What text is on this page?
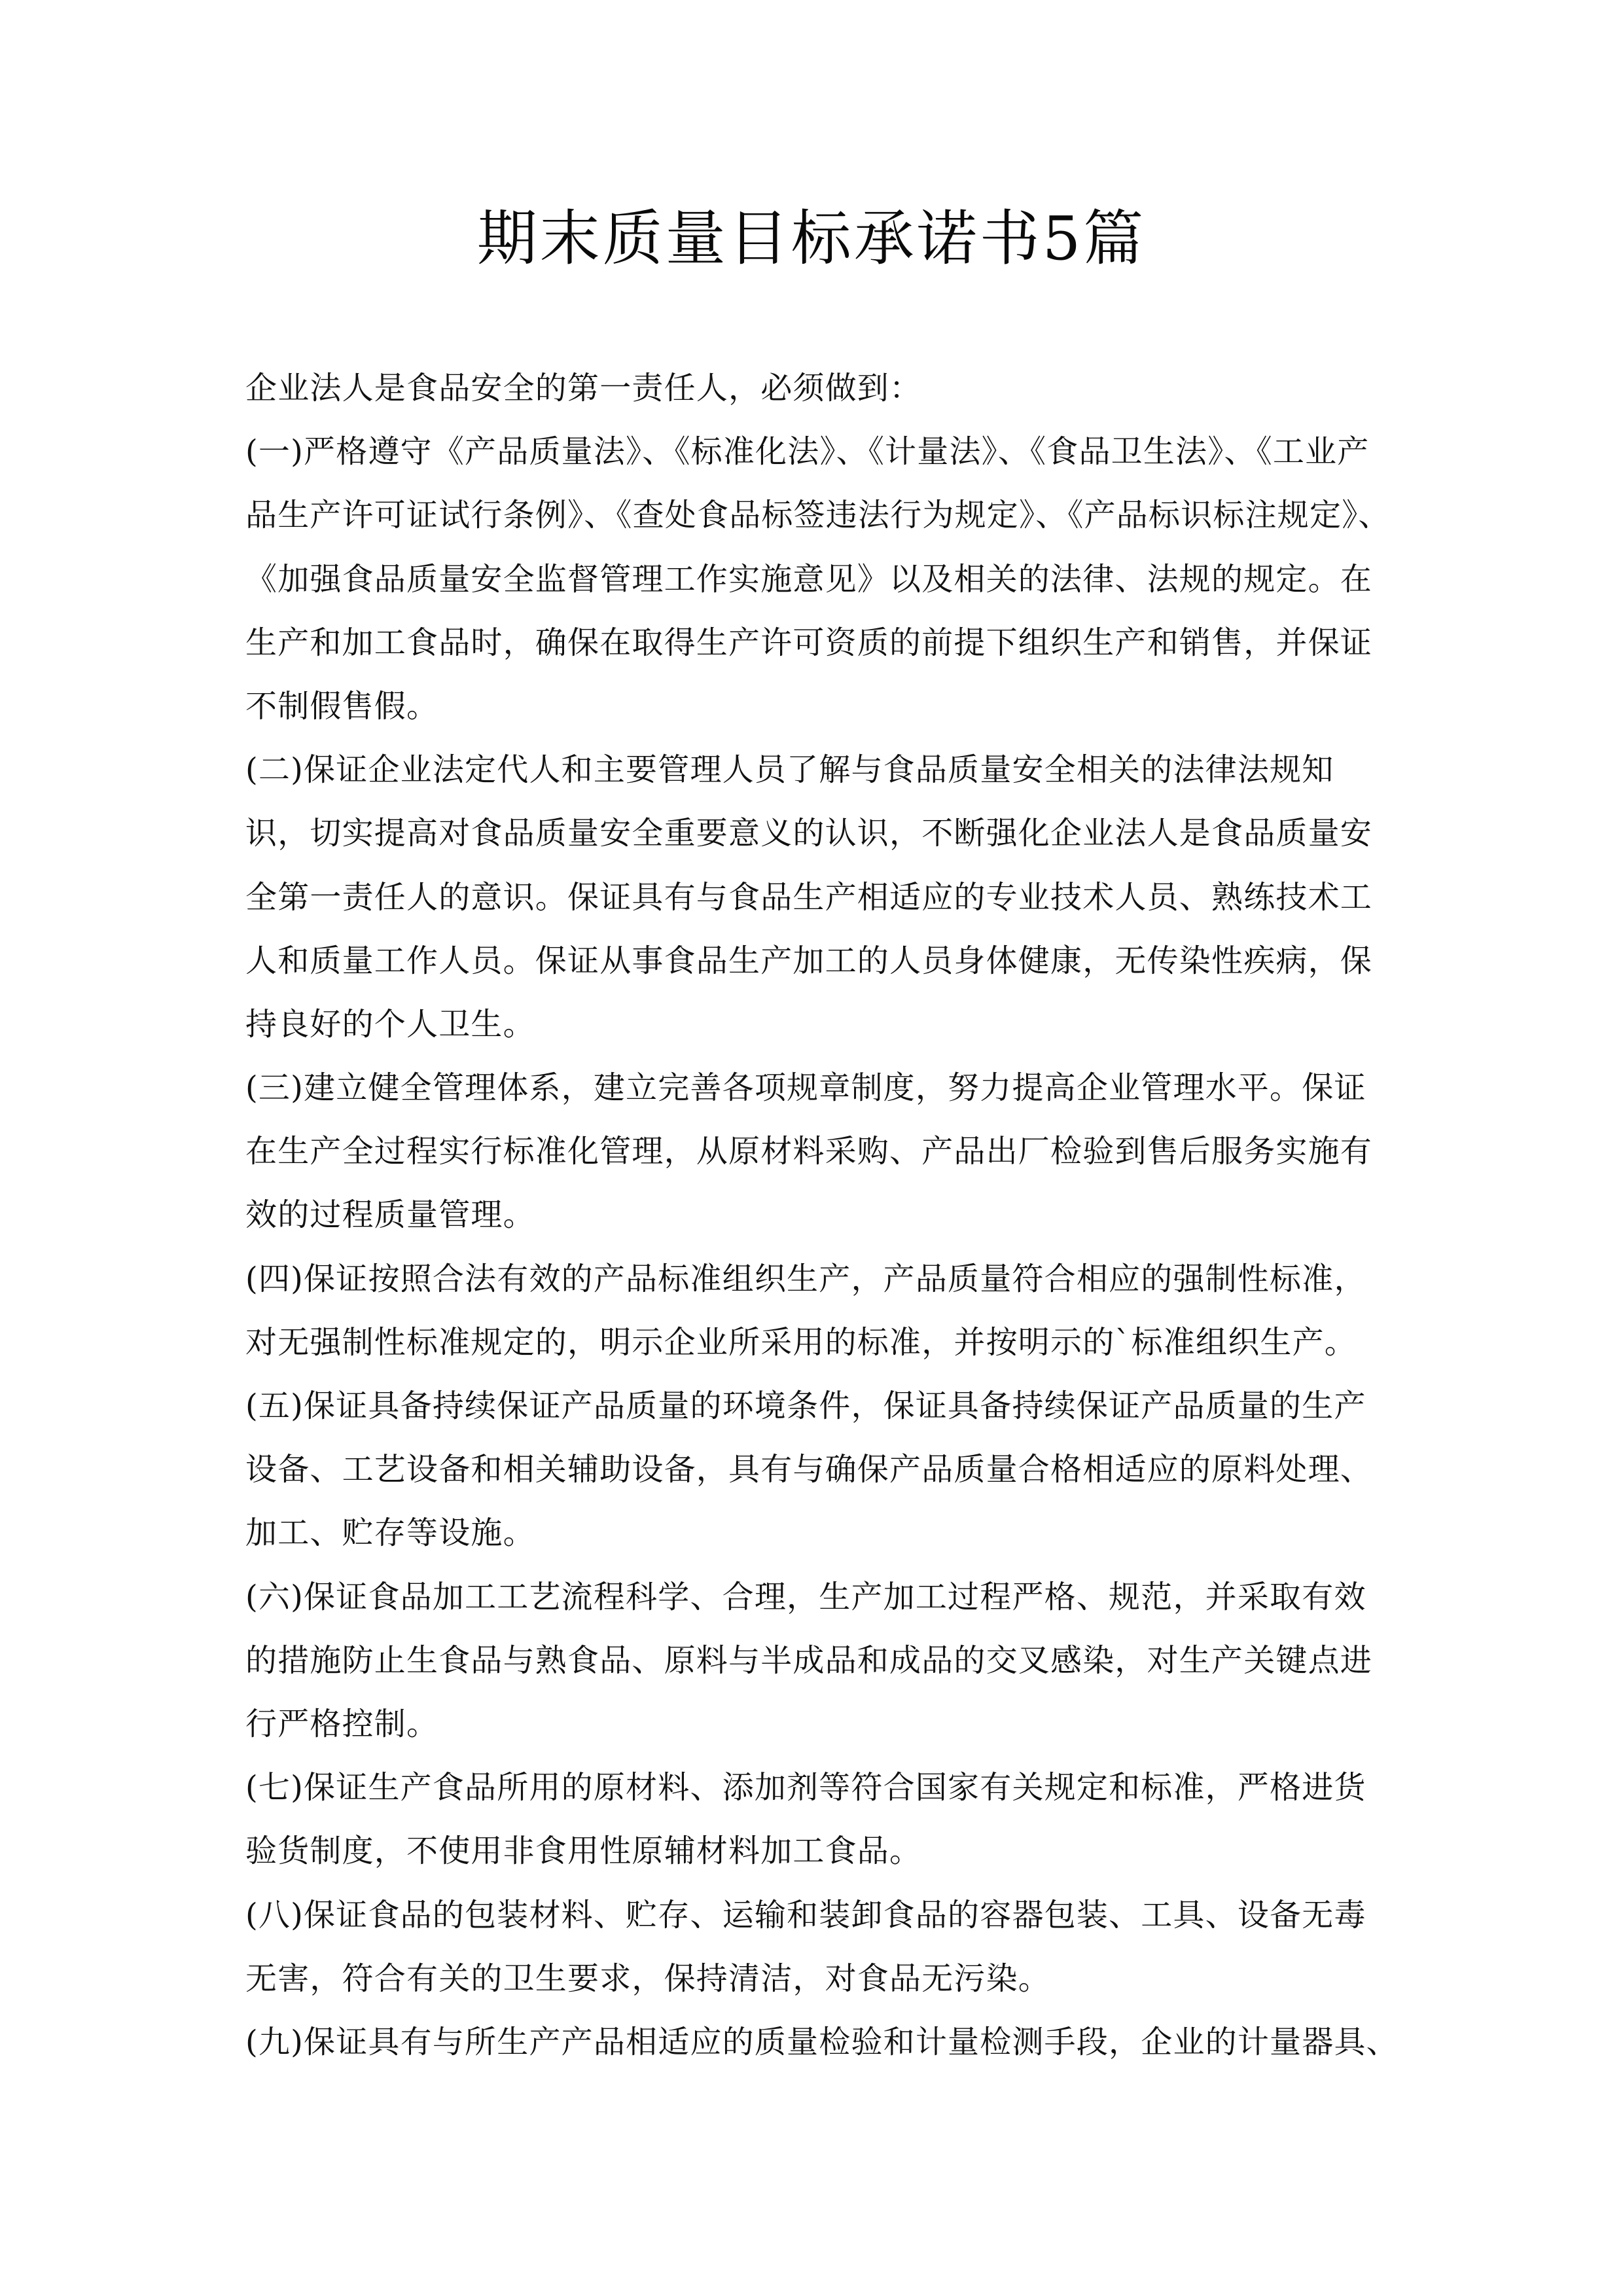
期末质量目标承诺书5篇

企业法人是食品安全的第一责任人，必须做到：

(一)严格遵守《产品质量法》、《标准化法》、《计量法》、《食品卫生法》、《工业产
品生产许可证试行条例》、《查处食品标签违法行为规定》、《产品标识标注规定》、
《加强食品质量安全监督管理工作实施意见》以及相关的法律、法规的规定。在
生产和加工食品时，确保在取得生产许可资质的前提下组织生产和销售，并保证
不制假售假。

(二)保证企业法定代人和主要管理人员了解与食品质量安全相关的法律法规知
识，切实提高对食品质量安全重要意义的认识，不断强化企业法人是食品质量安
全第一责任人的意识。保证具有与食品生产相适应的专业技术人员、熟练技术工
人和质量工作人员。保证从事食品生产加工的人员身体健康，无传染性疾病，保
持良好的个人卫生。

(三)建立健全管理体系，建立完善各项规章制度，努力提高企业管理水平。保证
在生产全过程实行标准化管理，从原材料采购、产品出厂检验到售后服务实施有
效的过程质量管理。

(四)保证按照合法有效的产品标准组织生产，产品质量符合相应的强制性标准，
对无强制性标准规定的，明示企业所采用的标准，并按明示的`标准组织生产。

(五)保证具备持续保证产品质量的环境条件，保证具备持续保证产品质量的生产
设备、工艺设备和相关辅助设备，具有与确保产品质量合格相适应的原料处理、
加工、贮存等设施。

(六)保证食品加工工艺流程科学、合理，生产加工过程严格、规范，并采取有效
的措施防止生食品与熟食品、原料与半成品和成品的交叉感染，对生产关键点进
行严格控制。

(七)保证生产食品所用的原材料、添加剂等符合国家有关规定和标准，严格进货
验货制度，不使用非食用性原辅材料加工食品。

(八)保证食品的包装材料、贮存、运输和装卸食品的容器包装、工具、设备无毒
无害，符合有关的卫生要求，保持清洁，对食品无污染。

(九)保证具有与所生产产品相适应的质量检验和计量检测手段，企业的计量器具、
